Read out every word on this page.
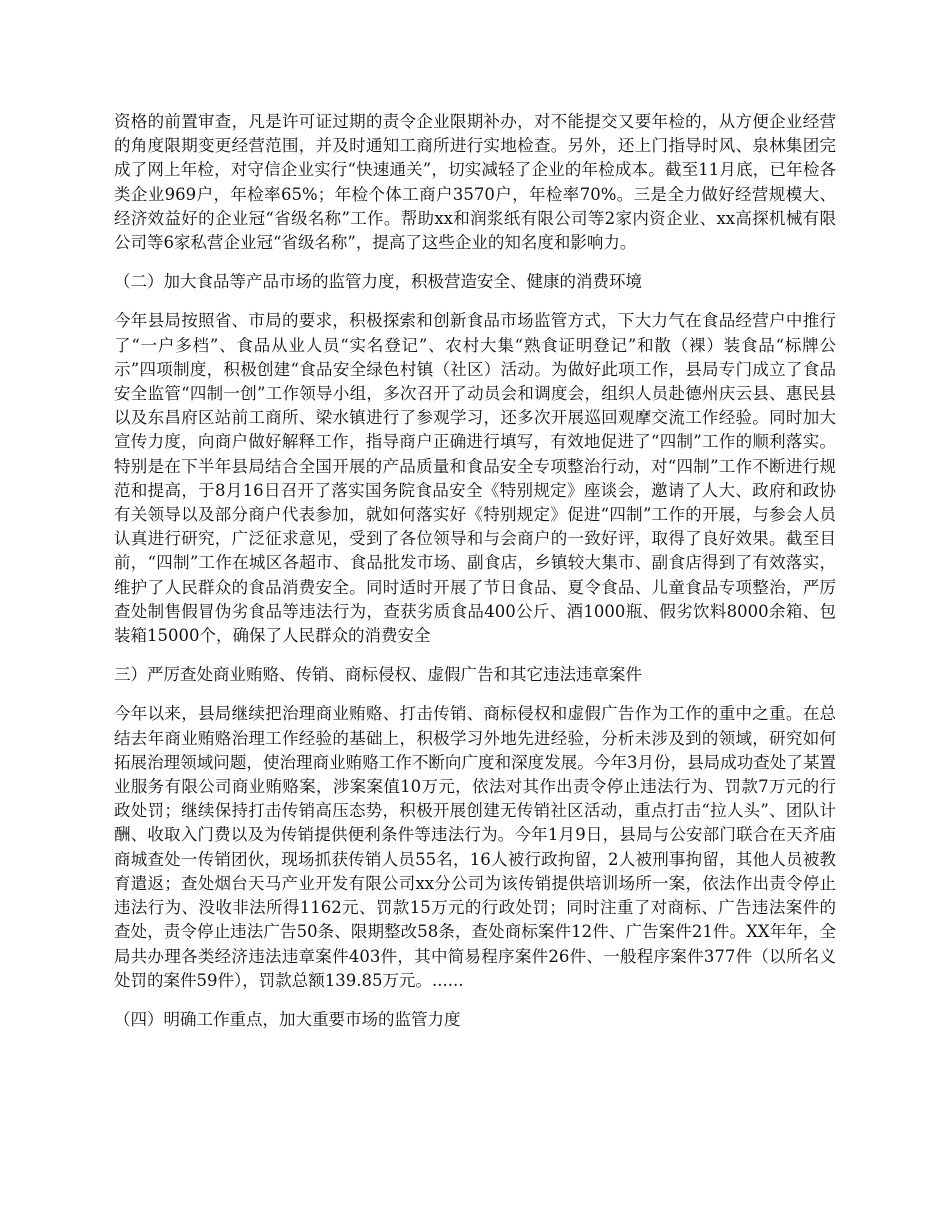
资格的前置审查，凡是许可证过期的责令企业限期补办，对不能提交又要年检的，从方便企业经营的角度限期变更经营范围，并及时通知工商所进行实地检查。另外，还上门指导时风、泉林集团完成了网上年检，对守信企业实行“快速通关”，切实减轻了企业的年检成本。截至11月底，已年检各类企业969户，年检率65%；年检个体工商户3570户，年检率70%。三是全力做好经营规模大、经济效益好的企业冠“省级名称”工作。帮助xx和润浆纸有限公司等2家内资企业、xx高探机械有限公司等6家私营企业冠“省级名称”，提高了这些企业的知名度和影响力。

（二）加大食品等产品市场的监管力度，积极营造安全、健康的消费环境

今年县局按照省、市局的要求，积极探索和创新食品市场监管方式，下大力气在食品经营户中推行了“一户多档”、食品从业人员“实名登记”、农村大集“熟食证明登记”和散（裸）装食品“标牌公示”四项制度，积极创建“食品安全绿色村镇（社区）活动。为做好此项工作，县局专门成立了食品安全监管“四制一创”工作领导小组，多次召开了动员会和调度会，组织人员赴德州庆云县、惠民县以及东昌府区站前工商所、梁水镇进行了参观学习，还多次开展巡回观摩交流工作经验。同时加大宣传力度，向商户做好解释工作，指导商户正确进行填写，有效地促进了“四制”工作的顺利落实。特别是在下半年县局结合全国开展的产品质量和食品安全专项整治行动，对“四制”工作不断进行规范和提高，于8月16日召开了落实国务院食品安全《特别规定》座谈会，邀请了人大、政府和政协有关领导以及部分商户代表参加，就如何落实好《特别规定》促进“四制”工作的开展，与参会人员认真进行研究，广泛征求意见，受到了各位领导和与会商户的一致好评，取得了良好效果。截至目前，“四制”工作在城区各超市、食品批发市场、副食店，乡镇较大集市、副食店得到了有效落实，维护了人民群众的食品消费安全。同时适时开展了节日食品、夏令食品、儿童食品专项整治，严厉查处制售假冒伪劣食品等违法行为，查获劣质食品400公斤、酒1000瓶、假劣饮料8000余箱、包装箱15000个，确保了人民群众的消费安全

三）严厉查处商业贿赂、传销、商标侵权、虚假广告和其它违法违章案件

今年以来，县局继续把治理商业贿赂、打击传销、商标侵权和虚假广告作为工作的重中之重。在总结去年商业贿赂治理工作经验的基础上，积极学习外地先进经验，分析未涉及到的领域，研究如何拓展治理领域问题，使治理商业贿赂工作不断向广度和深度发展。今年3月份，县局成功查处了某置业服务有限公司商业贿赂案，涉案案值10万元，依法对其作出责令停止违法行为、罚款7万元的行政处罚；继续保持打击传销高压态势，积极开展创建无传销社区活动，重点打击“拉人头”、团队计酬、收取入门费以及为传销提供便利条件等违法行为。今年1月9日，县局与公安部门联合在天齐庙商城查处一传销团伙，现场抓获传销人员55名，16人被行政拘留，2人被刑事拘留，其他人员被教育遣返；查处烟台天马产业开发有限公司xx分公司为该传销提供培训场所一案，依法作出责令停止违法行为、没收非法所得1162元、罚款15万元的行政处罚；同时注重了对商标、广告违法案件的查处，责令停止违法广告50条、限期整改58条，查处商标案件12件、广告案件21件。XX年年，全局共办理各类经济违法违章案件403件，其中简易程序案件26件、一般程序案件377件（以所名义处罚的案件59件），罚款总额139.85万元。......

（四）明确工作重点，加大重要市场的监管力度
